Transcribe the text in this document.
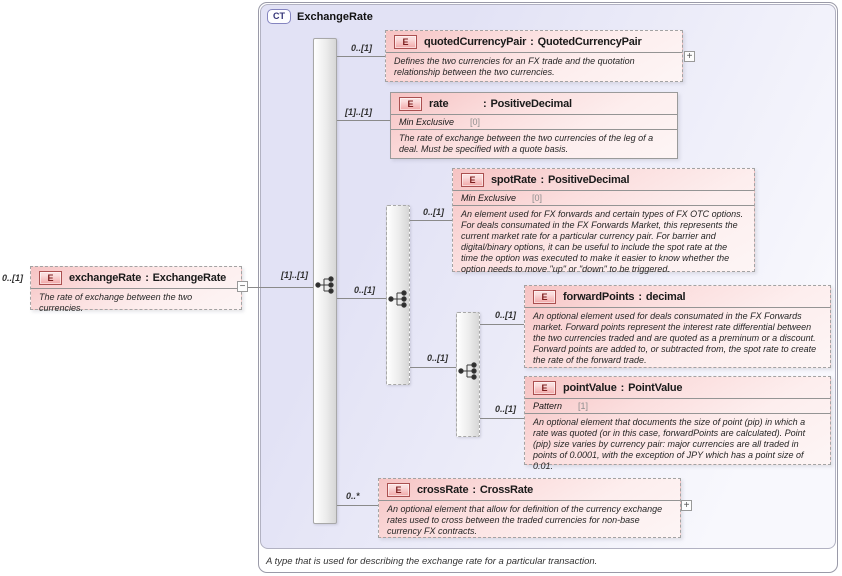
CT	ExchangeRate
A type that is used for describing the exchange rate for a particular transaction.
0..[1]	E	exchangeRate : ExchangeRate
The rate of exchange between the two currencies.
−
[1]..[1]
0..[1]
E	quotedCurrencyPair : QuotedCurrencyPair
Defines the two currencies for an FX trade and the quotation relationship between the two currencies.
+
[1]..[1]
E	rate	: PositiveDecimal
Min Exclusive [0]
The rate of exchange between the two currencies of the leg of a deal. Must be specified with a quote basis.
0..[1]
0..[1]
E	spotRate : PositiveDecimal
Min Exclusive [0]
An element used for FX forwards and certain types of FX OTC options. For deals consumated in the FX Forwards Market, this represents the current market rate for a particular currency pair. For barrier and digital/binary options, it can be useful to include the spot rate at the time the option was executed to make it easier to know whether the option needs to move "up" or "down" to be triggered.
0..[1]
0..[1]
E	forwardPoints : decimal
An optional element used for deals consumated in the FX Forwards market. Forward points represent the interest rate differential between the two currencies traded and are quoted as a preminum or a discount. Forward points are added to, or subtracted from, the spot rate to create the rate of the forward trade.
0..[1]
E	pointValue : PointValue
Pattern [1]
An optional element that documents the size of point (pip) in which a rate was quoted (or in this case, forwardPoints are calculated). Point (pip) size varies by currency pair: major currencies are all traded in points of 0.0001, with the exception of JPY which has a point size of 0.01.
0..*
E	crossRate : CrossRate
An optional element that allow for definition of the currency exchange rates used to cross between the traded currencies for non-base currency FX contracts.
+
